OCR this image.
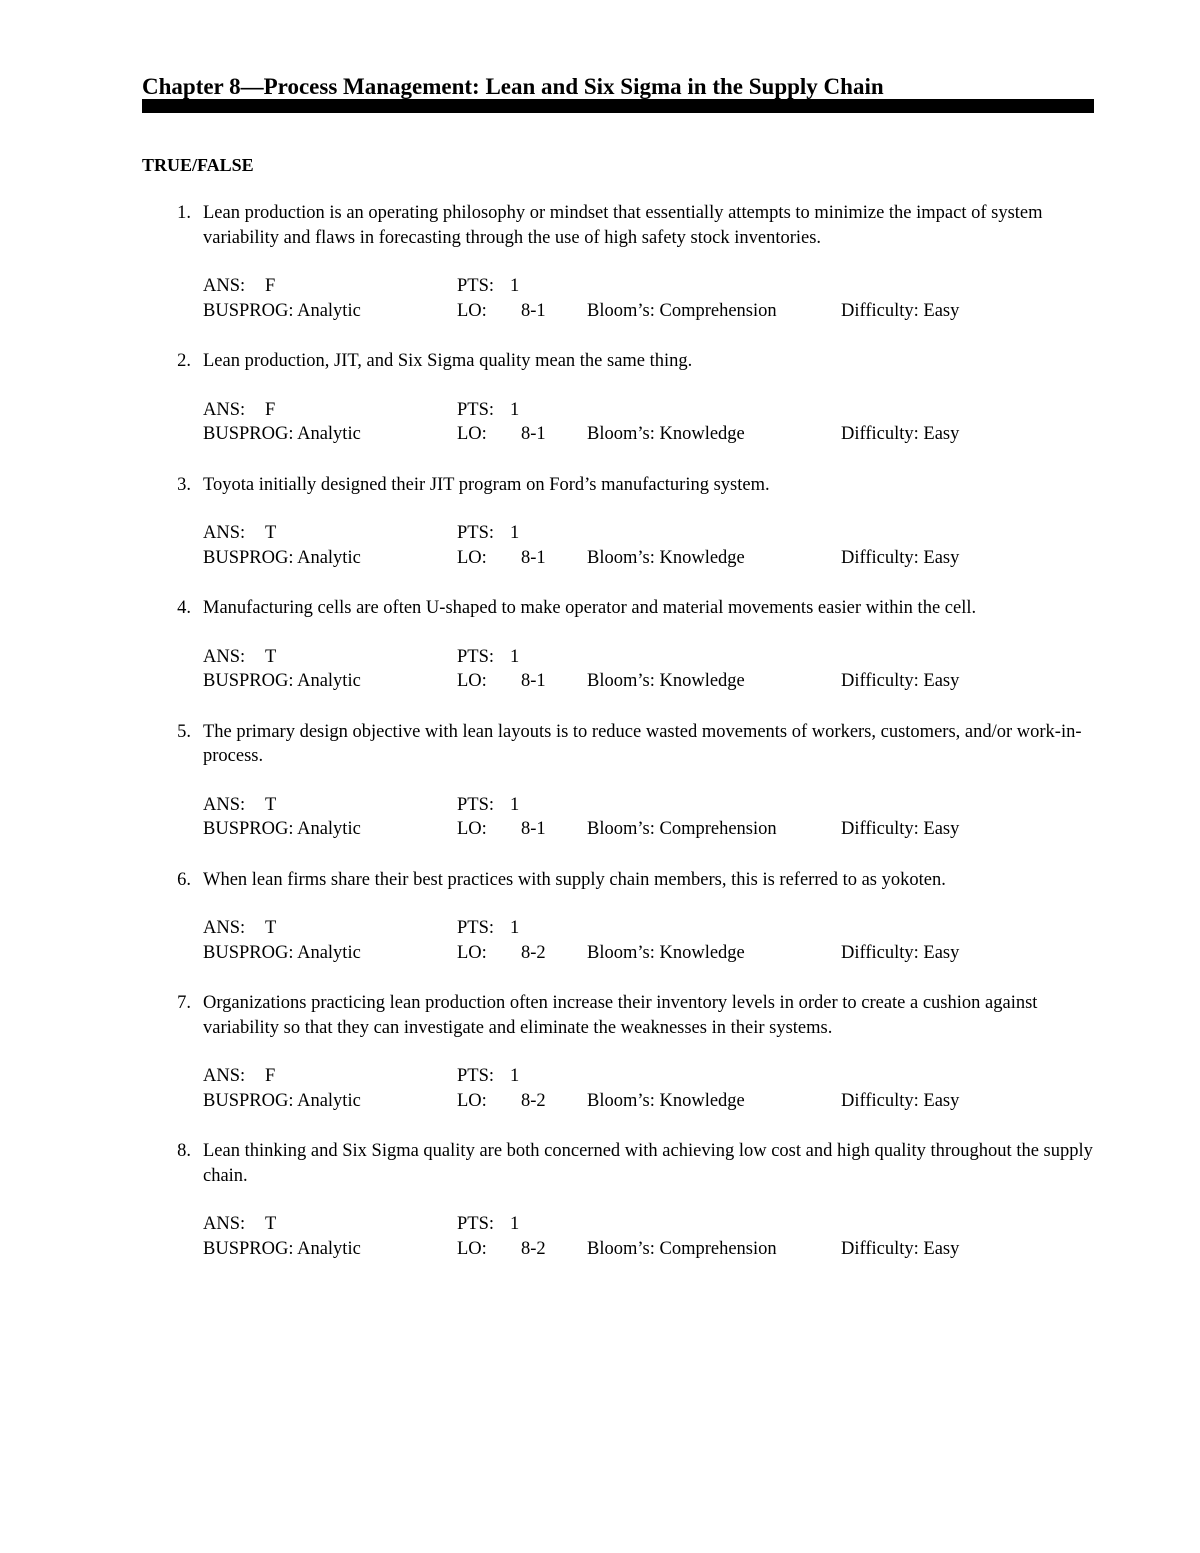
Chapter 8—Process Management: Lean and Six Sigma in the Supply Chain
TRUE/FALSE
1. Lean production is an operating philosophy or mindset that essentially attempts to minimize the impact of system variability and flaws in forecasting through the use of high safety stock inventories.

ANS: F	PTS: 1
BUSPROG: Analytic	LO: 8-1 Bloom’s: Comprehension	Difficulty: Easy
2. Lean production, JIT, and Six Sigma quality mean the same thing.

ANS: F	PTS: 1
BUSPROG: Analytic	LO: 8-1 Bloom’s: Knowledge	Difficulty: Easy
3. Toyota initially designed their JIT program on Ford’s manufacturing system.

ANS: T	PTS: 1
BUSPROG: Analytic	LO: 8-1 Bloom’s: Knowledge	Difficulty: Easy
4. Manufacturing cells are often U-shaped to make operator and material movements easier within the cell.

ANS: T	PTS: 1
BUSPROG: Analytic	LO: 8-1 Bloom’s: Knowledge	Difficulty: Easy
5. The primary design objective with lean layouts is to reduce wasted movements of workers, customers, and/or work-in-process.

ANS: T	PTS: 1
BUSPROG: Analytic	LO: 8-1 Bloom’s: Comprehension	Difficulty: Easy
6. When lean firms share their best practices with supply chain members, this is referred to as yokoten.

ANS: T	PTS: 1
BUSPROG: Analytic	LO: 8-2 Bloom’s: Knowledge	Difficulty: Easy
7. Organizations practicing lean production often increase their inventory levels in order to create a cushion against variability so that they can investigate and eliminate the weaknesses in their systems.

ANS: F	PTS: 1
BUSPROG: Analytic	LO: 8-2 Bloom’s: Knowledge	Difficulty: Easy
8. Lean thinking and Six Sigma quality are both concerned with achieving low cost and high quality throughout the supply chain.

ANS: T	PTS: 1
BUSPROG: Analytic	LO: 8-2 Bloom’s: Comprehension	Difficulty: Easy
